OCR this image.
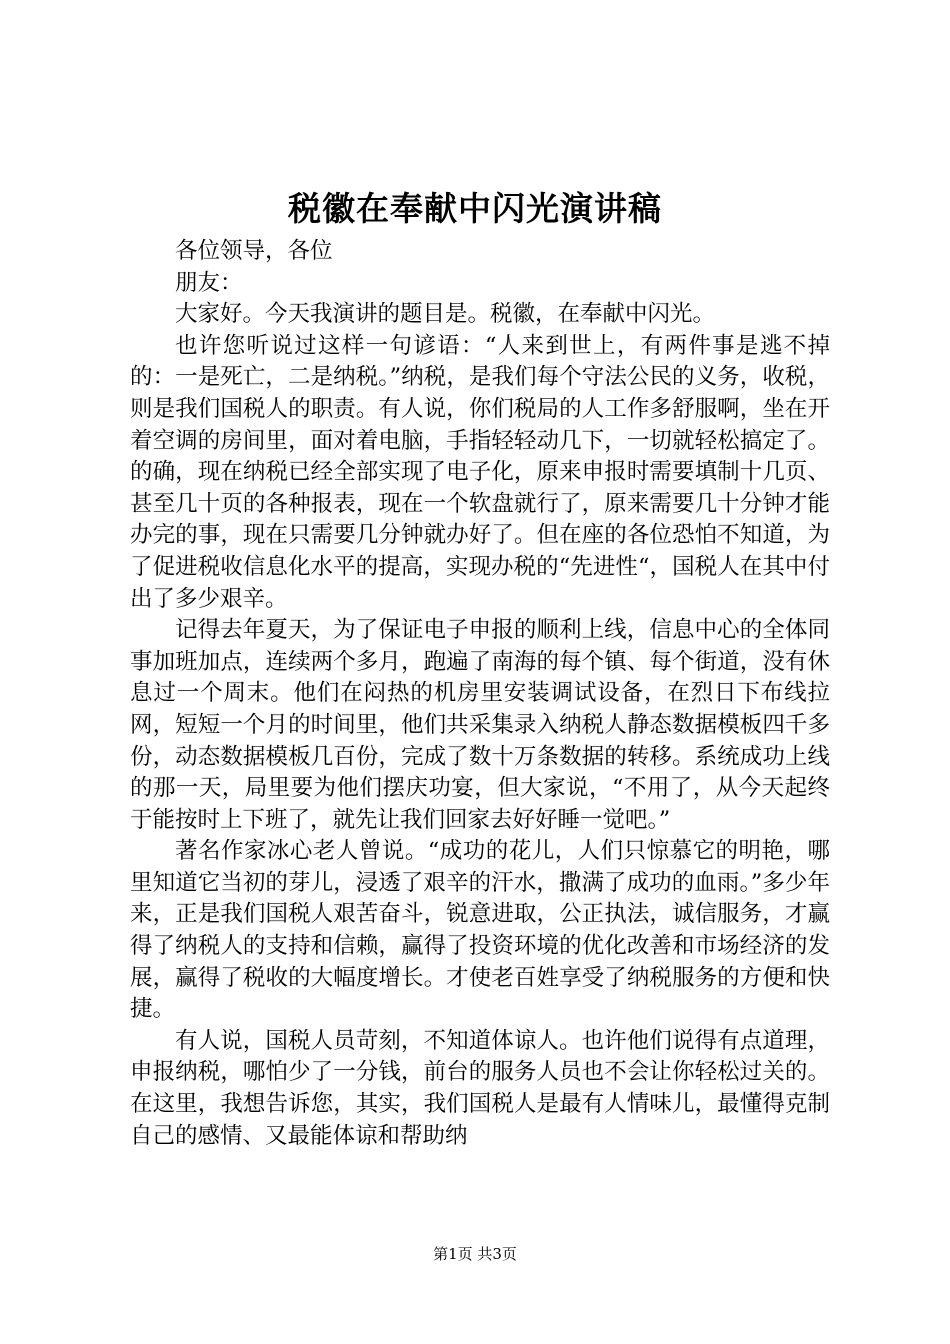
税徽在奉献中闪光演讲稿

各位领导，各位

朋友：

大家好。今天我演讲的题目是。税徽，在奉献中闪光。

也许您听说过这样一句谚语：“人来到世上，有两件事是逃不掉的：一是死亡，二是纳税。”纳税，是我们每个守法公民的义务，收税，则是我们国税人的职责。有人说，你们税局的人工作多舒服啊，坐在开着空调的房间里，面对着电脑，手指轻轻动几下，一切就轻松搞定了。的确，现在纳税已经全部实现了电子化，原来申报时需要填制十几页、甚至几十页的各种报表，现在一个软盘就行了，原来需要几十分钟才能办完的事，现在只需要几分钟就办好了。但在座的各位恐怕不知道，为了促进税收信息化水平的提高，实现办税的“先进性“，国税人在其中付出了多少艰辛。

记得去年夏天，为了保证电子申报的顺利上线，信息中心的全体同事加班加点，连续两个多月，跑遍了南海的每个镇、每个街道，没有休息过一个周末。他们在闷热的机房里安装调试设备，在烈日下布线拉网，短短一个月的时间里，他们共采集录入纳税人静态数据模板四千多份，动态数据模板几百份，完成了数十万条数据的转移。系统成功上线的那一天，局里要为他们摆庆功宴，但大家说，“不用了，从今天起终于能按时上下班了，就先让我们回家去好好睡一觉吧。”

著名作家冰心老人曾说。“成功的花儿，人们只惊慕它的明艳，哪里知道它当初的芽儿，浸透了艰辛的汗水，撒满了成功的血雨。”多少年来，正是我们国税人艰苦奋斗，锐意进取，公正执法，诚信服务，才赢得了纳税人的支持和信赖，赢得了投资环境的优化改善和市场经济的发展，赢得了税收的大幅度增长。才使老百姓享受了纳税服务的方便和快捷。

有人说，国税人员苛刻，不知道体谅人。也许他们说得有点道理，申报纳税，哪怕少了一分钱，前台的服务人员也不会让你轻松过关的。在这里，我想告诉您，其实，我们国税人是最有人情味儿，最懂得克制自己的感情、又最能体谅和帮助纳

第1页 共3页
